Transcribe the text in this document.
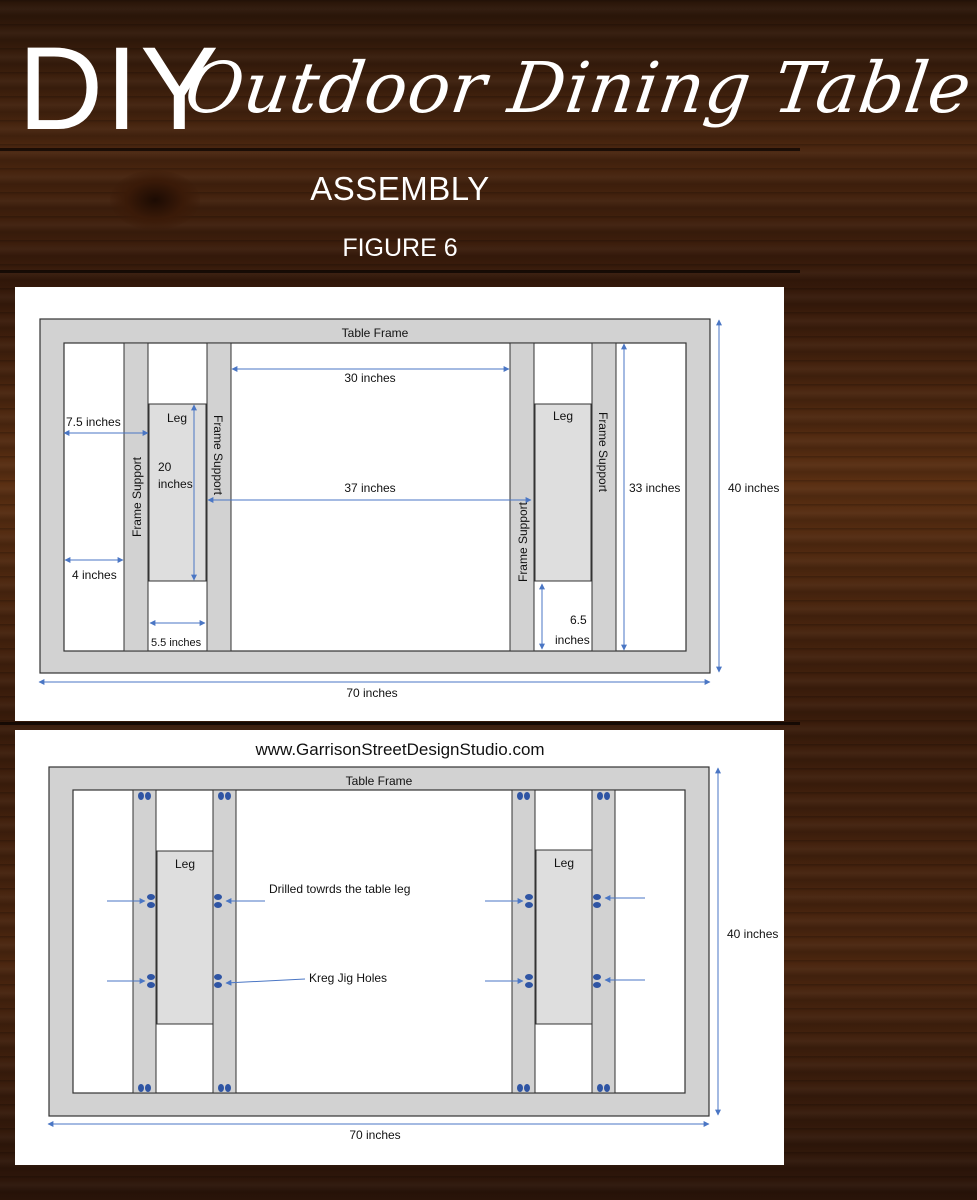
DIY
Outdoor Dining Table
ASSEMBLY
FIGURE 6
Table Frame
Leg
Frame Support
Frame Support	Leg
Frame Support
Frame Support
30 inches
7.5 inches
20
inches	37 inches	33 inches	40 inches
4 inches
5.5 inches
6.5
inches
70 inches
www.GarrisonStreetDesignStudio.com
Table Frame
Leg	Leg
Drilled towrds the table leg
Kreg Jig Holes
40 inches
70 inches
